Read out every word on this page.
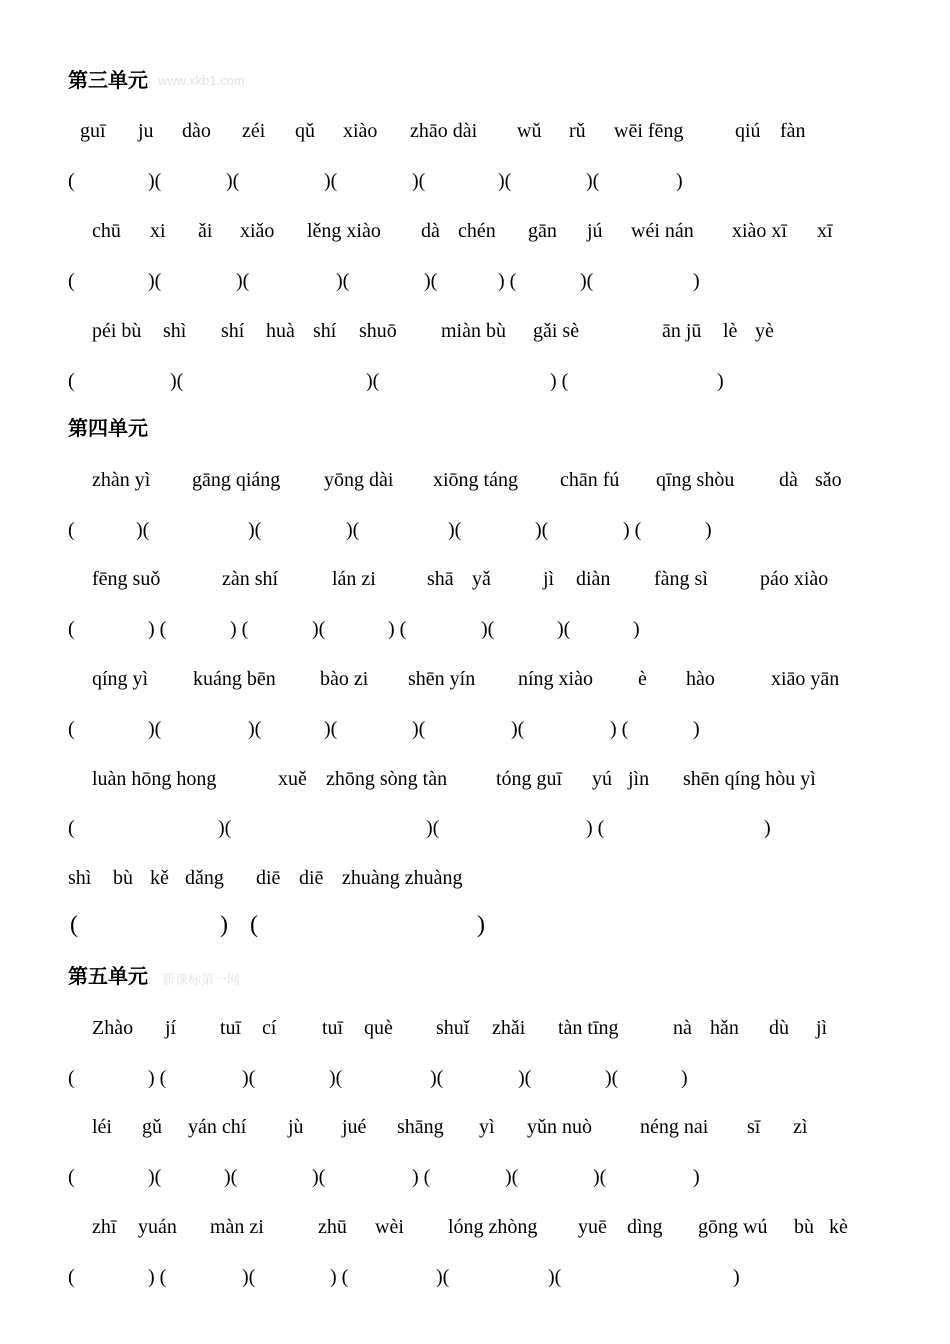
第三单元 www.xkb1.com
guī ju dào zéi qǔ xiào zhāo dài wǔ rǔ wēi fēng	qiú fàn
(	)(	)(	)(	)(	)(	)(	)
chū xi ǎi xiǎo lěng xiào dà chén gān jú wéi nán xiào xī xī
(	)(	)(	)(	)(	) (	)(	)
péi bù shì shí huà shí shuō miàn bù gǎi sè	ān jū lè yè
(	)(	)(	) (	)
第四单元
zhàn yì gāng qiáng yōng dài xiōng táng chān fú qīng shòu dà sǎo
(	)(	)(	)(	)(	)(	) (	)
fēng suǒ	zàn shí	lán zi	shā yǎ	jì diàn fàng sì	páo xiào
(	) (	) (	)(	) (	)(	)(	)
qíng yì kuáng bēn bào zi shēn yín níng xiào è hào	xiāo yān
(	)(	)(	)(	)(	)(	) (	)
luàn hōng hong	xuě zhōng sòng tàn tóng guī yú jìn shēn qíng hòu yì
(	)(	)(	) (	)
shì bù kě dǎng diē diē zhuàng zhuàng
(	) (	)
第五单元 新课标第一网
Zhào jí tuī cí tuī què shuǐ zhǎi tàn tīng	nà hǎn dù jì
(	) (	)(	)(	)(	)(	)(	)
léi gǔ yán chí jù jué shāng yì yǔn nuò néng nai sī zì
(	)(	)(	)(	) (	)(	)(	)
zhī yuán màn zi	zhū wèi lóng zhòng yuē dìng gōng wú bù kè
(	) (	)(	) (	)(	)(	)
